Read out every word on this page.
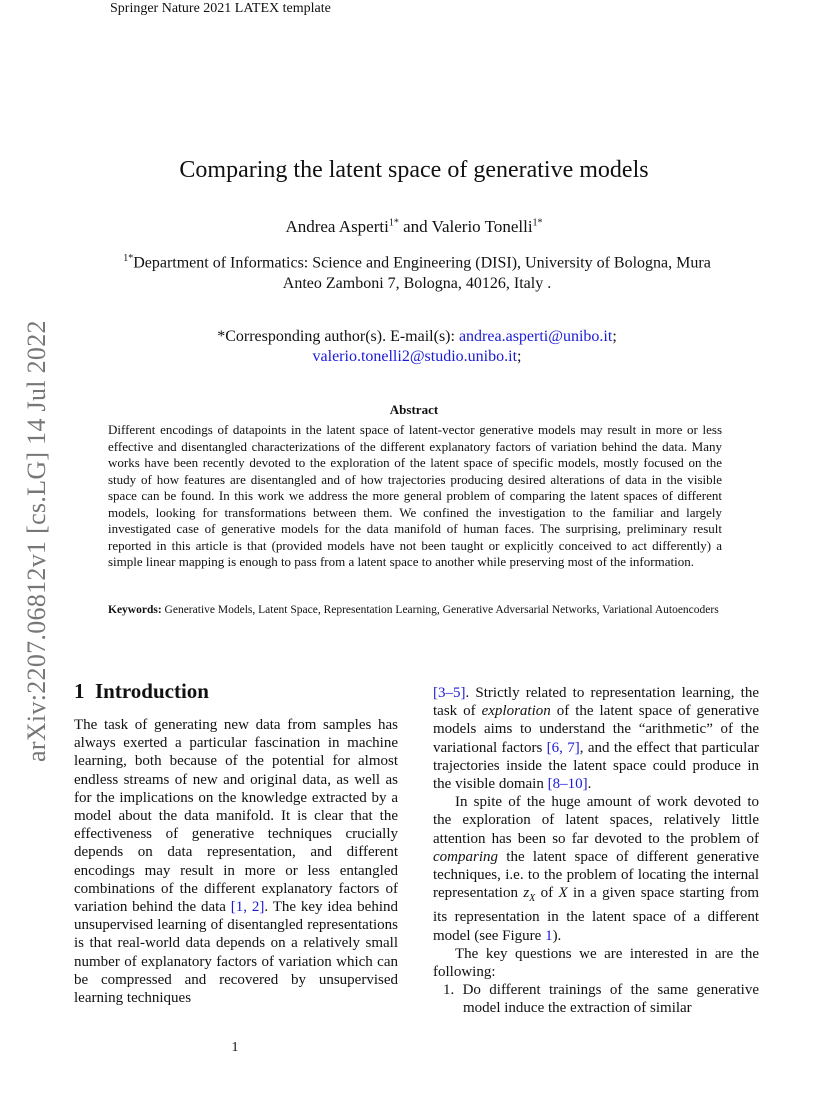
Springer Nature 2021 LATEX template
arXiv:2207.06812v1 [cs.LG] 14 Jul 2022
Comparing the latent space of generative models
Andrea Asperti$^{1*}$ and Valerio Tonelli$^{1*}$
$^{1*}$Department of Informatics: Science and Engineering (DISI), University of Bologna, Mura Anteo Zamboni 7, Bologna, 40126, Italy .
*Corresponding author(s). E-mail(s): andrea.asperti@unibo.it;
valerio.tonelli2@studio.unibo.it;
Abstract
Different encodings of datapoints in the latent space of latent-vector generative models may result in more or less effective and disentangled characterizations of the different explanatory factors of variation behind the data. Many works have been recently devoted to the exploration of the latent space of specific models, mostly focused on the study of how features are disentangled and of how trajectories producing desired alterations of data in the visible space can be found. In this work we address the more general problem of comparing the latent spaces of different models, looking for transformations between them. We confined the investigation to the familiar and largely investigated case of generative models for the data manifold of human faces. The surprising, preliminary result reported in this article is that (provided models have not been taught or explicitly conceived to act differently) a simple linear mapping is enough to pass from a latent space to another while preserving most of the information.
Keywords: Generative Models, Latent Space, Representation Learning, Generative Adversarial Networks, Variational Autoencoders
1 Introduction

The task of generating new data from samples has always exerted a particular fascination in machine learning, both because of the potential for almost endless streams of new and original data, as well as for the implications on the knowledge extracted by a model about the data manifold. It is clear that the effectiveness of generative techniques crucially depends on data representation, and different encodings may result in more or less entangled combinations of the different explanatory factors of variation behind the data [1, 2]. The key idea behind unsupervised learning of disentangled representations is that real-world data depends on a relatively small number of explanatory factors of variation which can be compressed and recovered by unsupervised learning techniques

[3–5]. Strictly related to representation learning, the task of exploration of the latent space of generative models aims to understand the “arithmetic” of the variational factors [6, 7], and the effect that particular trajectories inside the latent space could produce in the visible domain [8–10].

In spite of the huge amount of work devoted to the exploration of latent spaces, relatively little attention has been so far devoted to the problem of comparing the latent space of different generative techniques, i.e. to the problem of locating the internal representation $z_X$ of X in a given space starting from its representation in the latent space of a different model (see Figure 1).

The key questions we are interested in are the following:

1. Do different trainings of the same generative model induce the extraction of similar

1
